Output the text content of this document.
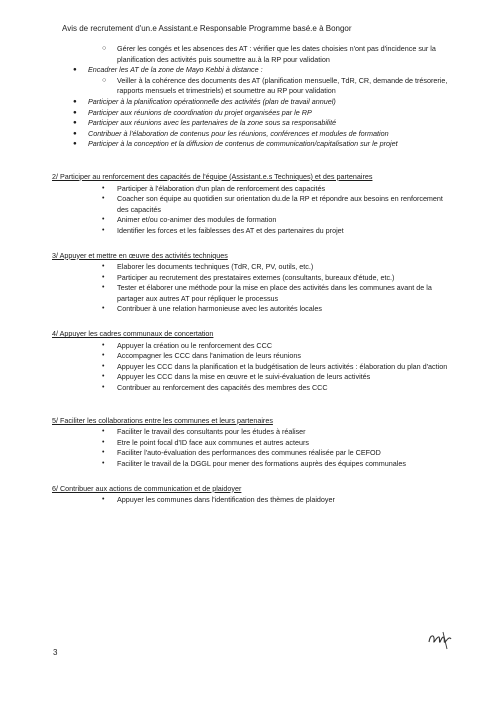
Avis de recrutement d'un.e Assistant.e Responsable Programme basé.e à Bongor
○ Gérer les congés et les absences des AT : vérifier que les dates choisies n'ont pas d'incidence sur la planification des activités puis soumettre au.à la RP pour validation
● Encadrer les AT de la zone de Mayo Kebbi à distance :
○ Veiller à la cohérence des documents des AT (planification mensuelle, TdR, CR, demande de trésorerie, rapports mensuels et trimestriels) et soumettre au RP pour validation
● Participer à la planification opérationnelle des activités (plan de travail annuel)
● Participer aux réunions de coordination du projet organisées par le RP
● Participer aux réunions avec les partenaires de la zone sous sa responsabilité
● Contribuer à l'élaboration de contenus pour les réunions, conférences et modules de formation
● Participer à la conception et la diffusion de contenus de communication/capitalisation sur le projet
2/ Participer au renforcement des capacités de l'équipe (Assistant.e.s Techniques) et des partenaires
• Participer à l'élaboration d'un plan de renforcement des capacités
• Coacher son équipe au quotidien sur orientation du.de la RP et répondre aux besoins en renforcement des capacités
• Animer et/ou co-animer des modules de formation
• Identifier les forces et les faiblesses des AT et des partenaires du projet
3/ Appuyer et mettre en œuvre des activités techniques
• Elaborer les documents techniques (TdR, CR, PV, outils, etc.)
• Participer au recrutement des prestataires externes (consultants, bureaux d'étude, etc.)
• Tester et élaborer une méthode pour la mise en place des activités dans les communes avant de la partager aux autres AT pour répliquer le processus
• Contribuer à une relation harmonieuse avec les autorités locales
4/ Appuyer les cadres communaux de concertation
• Appuyer la création ou le renforcement des CCC
• Accompagner les CCC dans l'animation de leurs réunions
• Appuyer les CCC dans la planification et la budgétisation de leurs activités : élaboration du plan d'action
• Appuyer les CCC dans la mise en œuvre et le suivi-évaluation de leurs activités
• Contribuer au renforcement des capacités des membres des CCC
5/ Faciliter les collaborations entre les communes et leurs partenaires
• Faciliter le travail des consultants pour les études à réaliser
• Etre le point focal d'ID face aux communes et autres acteurs
• Faciliter l'auto-évaluation des performances des communes réalisée par le CEFOD
• Faciliter le travail de la DGGL pour mener des formations auprès des équipes communales
6/ Contribuer aux actions de communication et de plaidoyer
• Appuyer les communes dans l'identification des thèmes de plaidoyer
3
